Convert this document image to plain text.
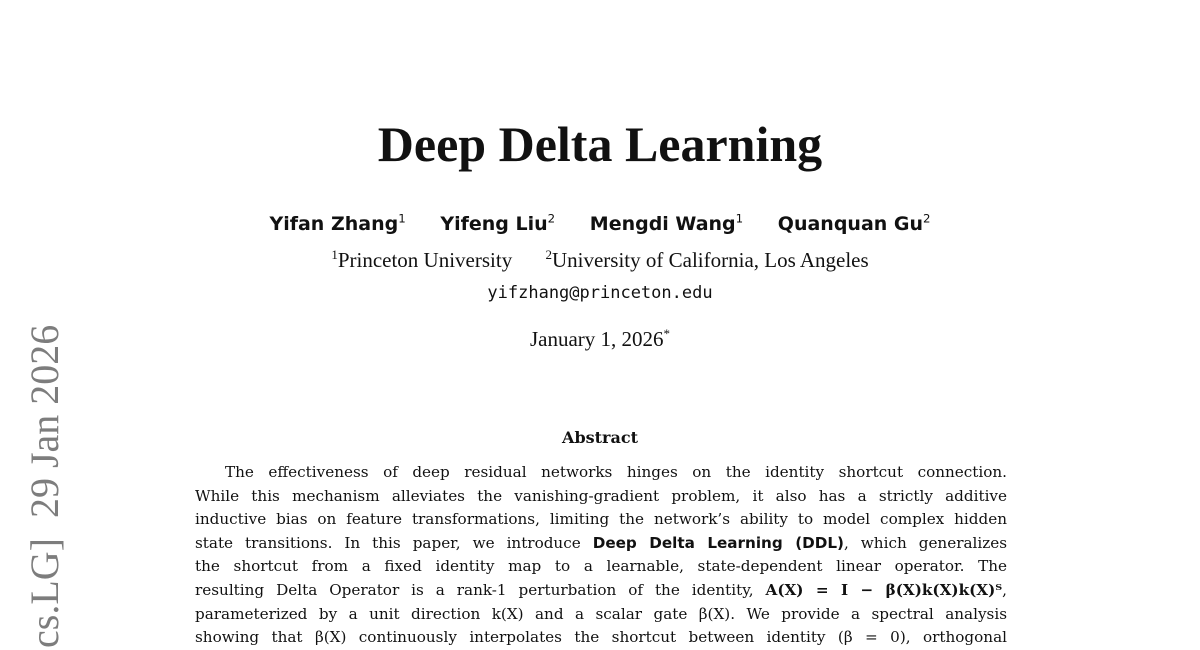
cs.LG]  29 Jan 2026
Deep Delta Learning
Yifan Zhang$^1$ Yifeng Liu$^2$ Mengdi Wang$^1$ Quanquan Gu$^2$
$^1$Princeton University	$^2$University of California, Los Angeles
yifzhang@princeton.edu
January 1, 2026*
Abstract
The effectiveness of deep residual networks hinges on the identity shortcut connection.
While this mechanism alleviates the vanishing-gradient problem, it also has a strictly additive
inductive bias on feature transformations, limiting the network’s ability to model complex hidden
state transitions. In this paper, we introduce Deep Delta Learning (DDL), which generalizes
the shortcut from a fixed identity map to a learnable, state-dependent linear operator. The
resulting Delta Operator is a rank-1 perturbation of the identity, A(X) = I − β(X)k(X)k(X)ᵀ,
parameterized by a unit direction k(X) and a scalar gate β(X). We provide a spectral analysis
showing that β(X) continuously interpolates the shortcut between identity (β = 0), orthogonal
